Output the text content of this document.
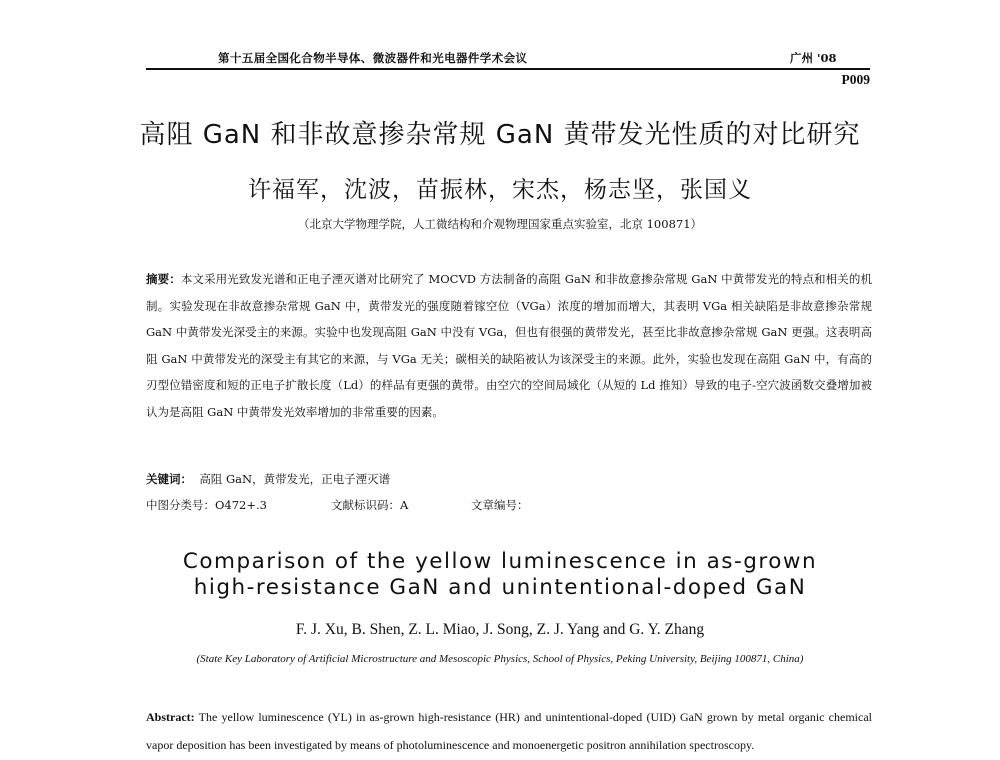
第十五届全国化合物半导体、微波器件和光电器件学术会议	广州 '08
P009
高阻 GaN 和非故意掺杂常规 GaN 黄带发光性质的对比研究
许福军，沈波，苗振林，宋杰，杨志坚，张国义
（北京大学物理学院，人工微结构和介观物理国家重点实验室，北京 100871）
摘要：本文采用光致发光谱和正电子湮灭谱对比研究了 MOCVD 方法制备的高阻 GaN 和非故意掺杂常规 GaN 中黄带发光的特点和相关的机制。实验发现在非故意掺杂常规 GaN 中，黄带发光的强度随着镓空位（VGa）浓度的增加而增大，其表明 VGa 相关缺陷是非故意掺杂常规 GaN 中黄带发光深受主的来源。实验中也发现高阻 GaN 中没有 VGa，但也有很强的黄带发光，甚至比非故意掺杂常规 GaN 更强。这表明高阻 GaN 中黄带发光的深受主有其它的来源，与 VGa 无关；碳相关的缺陷被认为该深受主的来源。此外，实验也发现在高阻 GaN 中，有高的刃型位错密度和短的正电子扩散长度（Ld）的样品有更强的黄带。由空穴的空间局域化（从短的 Ld 推知）导致的电子-空穴波函数交叠增加被认为是高阻 GaN 中黄带发光效率增加的非常重要的因素。
关键词： 高阻 GaN，黄带发光，正电子湮灭谱
中图分类号：O472+.3	文献标识码：A	文章编号：
Comparison of the yellow luminescence in as-grown
high-resistance GaN and unintentional-doped GaN
F. J. Xu, B. Shen, Z. L. Miao, J. Song, Z. J. Yang and G. Y. Zhang
(State Key Laboratory of Artificial Microstructure and Mesoscopic Physics, School of Physics, Peking University, Beijing 100871, China)
Abstract: The yellow luminescence (YL) in as-grown high-resistance (HR) and unintentional-doped (UID) GaN grown by metal organic chemical vapor deposition has been investigated by means of photoluminescence and monoenergetic positron annihilation spectroscopy.
